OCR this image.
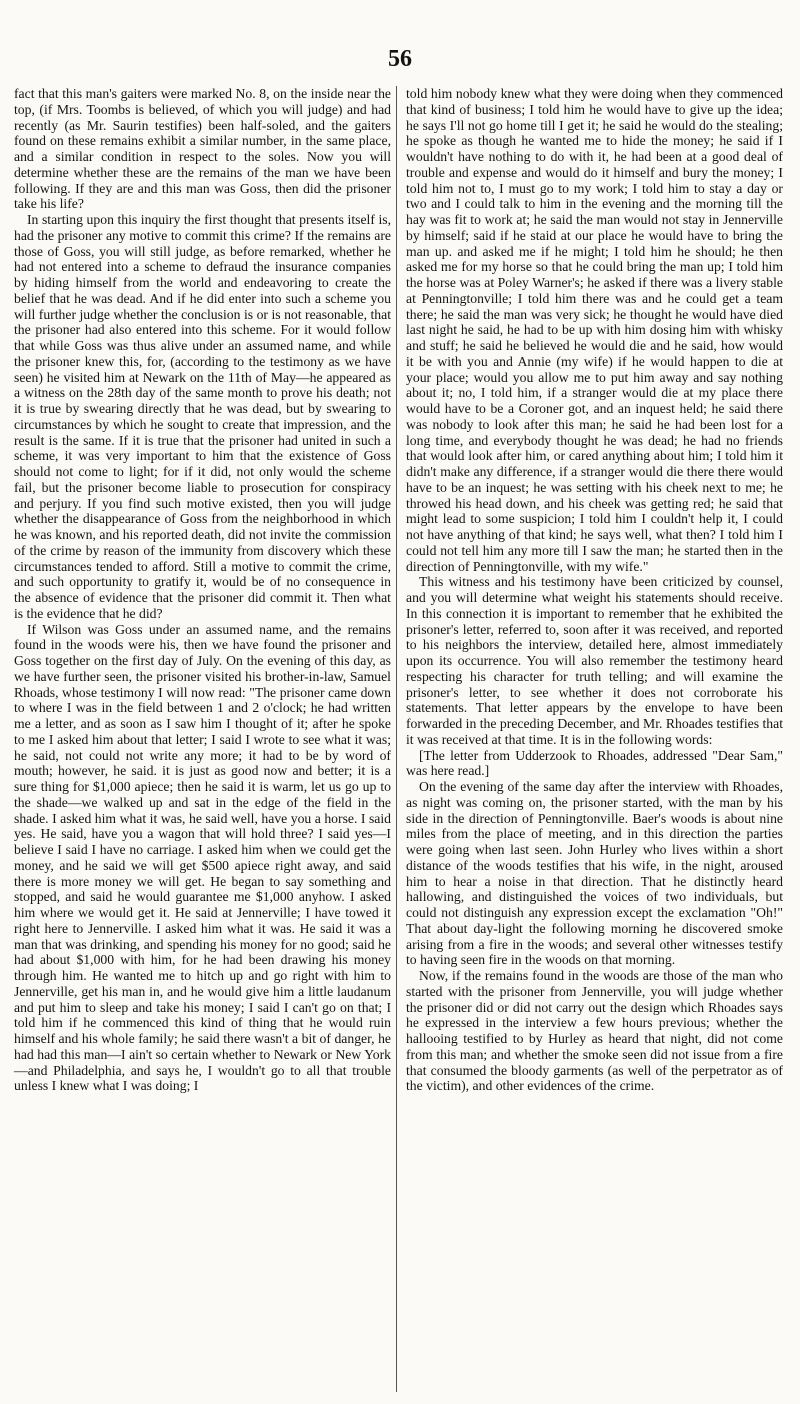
56

fact that this man's gaiters were marked No. 8, on the inside near the top, (if Mrs. Toombs is believed, of which you will judge) and had recently (as Mr. Saurin testifies) been half-soled, and the gaiters found on these remains exhibit a similar number, in the same place, and a similar condition in respect to the soles. Now you will determine whether these are the remains of the man we have been following. If they are and this man was Goss, then did the prisoner take his life?

In starting upon this inquiry the first thought that presents itself is, had the prisoner any motive to commit this crime? If the remains are those of Goss, you will still judge, as before remarked, whether he had not entered into a scheme to defraud the insurance companies by hiding himself from the world and endeavoring to create the belief that he was dead. And if he did enter into such a scheme you will further judge whether the conclusion is or is not reasonable, that the prisoner had also entered into this scheme. For it would follow that while Goss was thus alive under an assumed name, and while the prisoner knew this, for, (according to the testimony as we have seen) he visited him at Newark on the 11th of May—he appeared as a witness on the 28th day of the same month to prove his death; not it is true by swearing directly that he was dead, but by swearing to circumstances by which he sought to create that impression, and the result is the same. If it is true that the prisoner had united in such a scheme, it was very important to him that the existence of Goss should not come to light; for if it did, not only would the scheme fail, but the prisoner become liable to prosecution for conspiracy and perjury. If you find such motive existed, then you will judge whether the disappearance of Goss from the neighborhood in which he was known, and his reported death, did not invite the commission of the crime by reason of the immunity from discovery which these circumstances tended to afford. Still a motive to commit the crime, and such opportunity to gratify it, would be of no consequence in the absence of evidence that the prisoner did commit it. Then what is the evidence that he did?

If Wilson was Goss under an assumed name, and the remains found in the woods were his, then we have found the prisoner and Goss together on the first day of July. On the evening of this day, as we have further seen, the prisoner visited his brother-in-law, Samuel Rhoads, whose testimony I will now read: "The prisoner came down to where I was in the field between 1 and 2 o'clock; he had written me a letter, and as soon as I saw him I thought of it; after he spoke to me I asked him about that letter; I said I wrote to see what it was; he said, not could not write any more; it had to be by word of mouth; however, he said. it is just as good now and better; it is a sure thing for $1,000 apiece; then he said it is warm, let us go up to the shade—we walked up and sat in the edge of the field in the shade. I asked him what it was, he said well, have you a horse. I said yes. He said, have you a wagon that will hold three? I said yes—I believe I said I have no carriage. I asked him when we could get the money, and he said we will get $500 apiece right away, and said there is more money we will get. He began to say something and stopped, and said he would guarantee me $1,000 anyhow. I asked him where we would get it. He said at Jennerville; I have towed it right here to Jennerville. I asked him what it was. He said it was a man that was drinking, and spending his money for no good; said he had about $1,000 with him, for he had been drawing his money through him. He wanted me to hitch up and go right with him to Jennerville, get his man in, and he would give him a little laudanum and put him to sleep and take his money; I said I can't go on that; I told him if he commenced this kind of thing that he would ruin himself and his whole family; he said there wasn't a bit of danger, he had had this man—I ain't so certain whether to Newark or New York—and Philadelphia, and says he, I wouldn't go to all that trouble unless I knew what I was doing; I

told him nobody knew what they were doing when they commenced that kind of business; I told him he would have to give up the idea; he says I'll not go home till I get it; he said he would do the stealing; he spoke as though he wanted me to hide the money; he said if I wouldn't have nothing to do with it, he had been at a good deal of trouble and expense and would do it himself and bury the money; I told him not to, I must go to my work; I told him to stay a day or two and I could talk to him in the evening and the morning till the hay was fit to work at; he said the man would not stay in Jennerville by himself; said if he staid at our place he would have to bring the man up. and asked me if he might; I told him he should; he then asked me for my horse so that he could bring the man up; I told him the horse was at Poley Warner's; he asked if there was a livery stable at Penningtonville; I told him there was and he could get a team there; he said the man was very sick; he thought he would have died last night he said, he had to be up with him dosing him with whisky and stuff; he said he believed he would die and he said, how would it be with you and Annie (my wife) if he would happen to die at your place; would you allow me to put him away and say nothing about it; no, I told him, if a stranger would die at my place there would have to be a Coroner got, and an inquest held; he said there was nobody to look after this man; he said he had been lost for a long time, and everybody thought he was dead; he had no friends that would look after him, or cared anything about him; I told him it didn't make any difference, if a stranger would die there there would have to be an inquest; he was setting with his cheek next to me; he throwed his head down, and his cheek was getting red; he said that might lead to some suspicion; I told him I couldn't help it, I could not have anything of that kind; he says well, what then? I told him I could not tell him any more till I saw the man; he started then in the direction of Penningtonville, with my wife."

This witness and his testimony have been criticized by counsel, and you will determine what weight his statements should receive. In this connection it is important to remember that he exhibited the prisoner's letter, referred to, soon after it was received, and reported to his neighbors the interview, detailed here, almost immediately upon its occurrence. You will also remember the testimony heard respecting his character for truth telling; and will examine the prisoner's letter, to see whether it does not corroborate his statements. That letter appears by the envelope to have been forwarded in the preceding December, and Mr. Rhoades testifies that it was received at that time. It is in the following words:

[The letter from Udderzook to Rhoades, addressed "Dear Sam," was here read.]

On the evening of the same day after the interview with Rhoades, as night was coming on, the prisoner started, with the man by his side in the direction of Penningtonville. Baer's woods is about nine miles from the place of meeting, and in this direction the parties were going when last seen. John Hurley who lives within a short distance of the woods testifies that his wife, in the night, aroused him to hear a noise in that direction. That he distinctly heard hallowing, and distinguished the voices of two individuals, but could not distinguish any expression except the exclamation "Oh!" That about day-light the following morning he discovered smoke arising from a fire in the woods; and several other witnesses testify to having seen fire in the woods on that morning.

Now, if the remains found in the woods are those of the man who started with the prisoner from Jennerville, you will judge whether the prisoner did or did not carry out the design which Rhoades says he expressed in the interview a few hours previous; whether the hallooing testified to by Hurley as heard that night, did not come from this man; and whether the smoke seen did not issue from a fire that consumed the bloody garments (as well of the perpetrator as of the victim), and other evidences of the crime.
